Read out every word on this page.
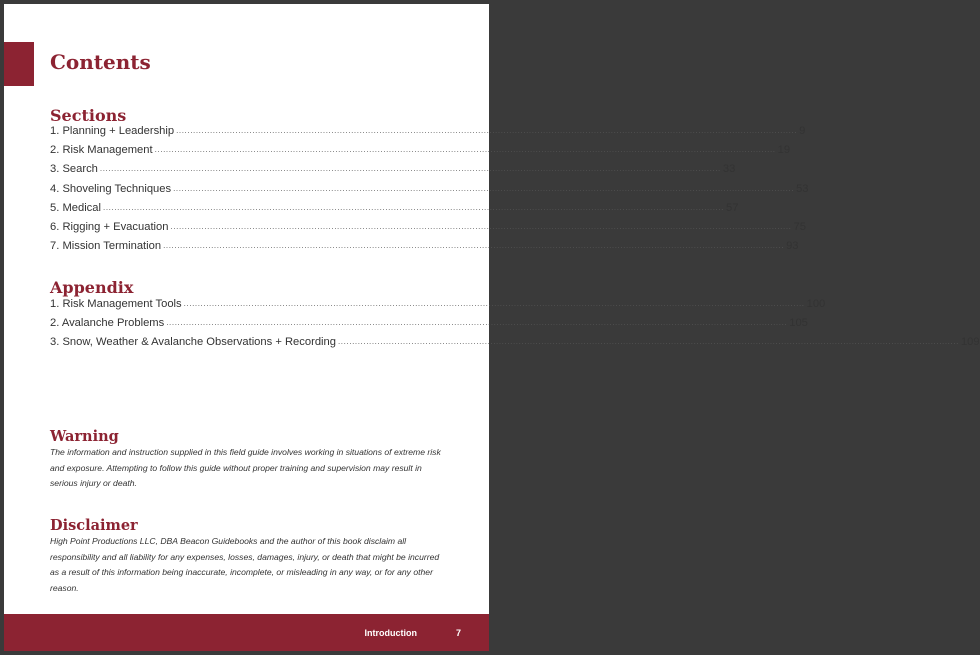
Contents
Sections
1. Planning + Leadership ............................................................................................................................................................................................................................ 9
2. Risk Management ............................................................................................................................................................................................................................ 19
3. Search ............................................................................................................................................................................................................................ 33
4. Shoveling Techniques ............................................................................................................................................................................................................................ 53
5. Medical ............................................................................................................................................................................................................................ 57
6. Rigging + Evacuation ............................................................................................................................................................................................................................ 75
7. Mission Termination ............................................................................................................................................................................................................................ 93
Appendix
1. Risk Management Tools ............................................................................................................................................................................................................................ 100
2. Avalanche Problems ............................................................................................................................................................................................................................ 105
3. Snow, Weather & Avalanche Observations + Recording ............................................................................................................................................................................................................................ 109
Warning

The information and instruction supplied in this field guide involves working in situations of extreme risk and exposure. Attempting to follow this guide without proper training and supervision may result in serious injury or death.

Disclaimer

High Point Productions LLC, DBA Beacon Guidebooks and the author of this book disclaim all responsibility and all liability for any expenses, losses, damages, injury, or death that might be incurred as a result of this information being inaccurate, incomplete, or misleading in any way, or for any other reason.

Introduction	7
